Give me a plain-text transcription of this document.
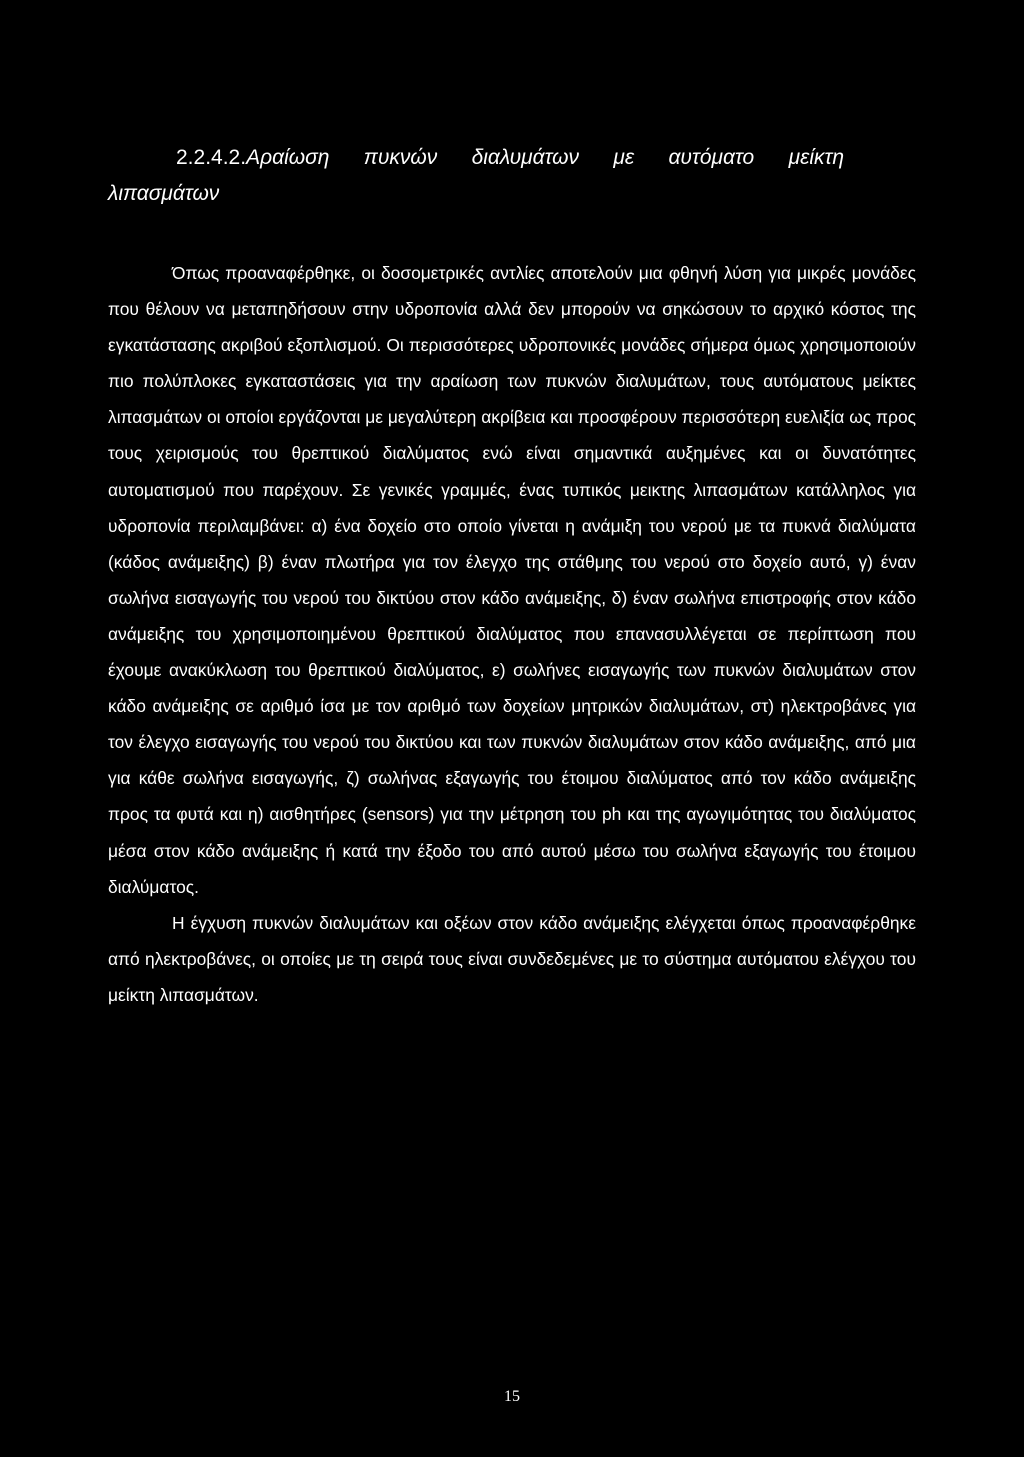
2.2.4.2.Αραίωση πυκνών διαλυμάτων με αυτόματο μείκτη
λιπασμάτων

Όπως προαναφέρθηκε, οι δοσομετρικές αντλίες αποτελούν μια φθηνή λύση για μικρές μονάδες που θέλουν να μεταπηδήσουν στην υδροπονία αλλά δεν μπορούν να σηκώσουν το αρχικό κόστος της εγκατάστασης ακριβού εξοπλισμού. Οι περισσότερες υδροπονικές μονάδες σήμερα όμως χρησιμοποιούν πιο πολύπλοκες εγκαταστάσεις για την αραίωση των πυκνών διαλυμάτων, τους αυτόματους μείκτες λιπασμάτων οι οποίοι εργάζονται με μεγαλύτερη ακρίβεια και προσφέρουν περισσότερη ευελιξία ως προς τους χειρισμούς του θρεπτικού διαλύματος ενώ είναι σημαντικά αυξημένες και οι δυνατότητες αυτοματισμού που παρέχουν. Σε γενικές γραμμές, ένας τυπικός μεικτης λιπασμάτων κατάλληλος για υδροπονία περιλαμβάνει: α) ένα δοχείο στο οποίο γίνεται η ανάμιξη του νερού με τα πυκνά διαλύματα (κάδος ανάμειξης) β) έναν πλωτήρα για τον έλεγχο της στάθμης του νερού στο δοχείο αυτό, γ) έναν σωλήνα εισαγωγής του νερού του δικτύου στον κάδο ανάμειξης, δ) έναν σωλήνα επιστροφής στον κάδο ανάμειξης του χρησιμοποιημένου θρεπτικού διαλύματος που επανασυλλέγεται σε περίπτωση που έχουμε ανακύκλωση του θρεπτικού διαλύματος, ε) σωλήνες εισαγωγής των πυκνών διαλυμάτων στον κάδο ανάμειξης σε αριθμό ίσα με τον αριθμό των δοχείων μητρικών διαλυμάτων, στ) ηλεκτροβάνες για τον έλεγχο εισαγωγής του νερού του δικτύου και των πυκνών διαλυμάτων στον κάδο ανάμειξης, από μια για κάθε σωλήνα εισαγωγής, ζ) σωλήνας εξαγωγής του έτοιμου διαλύματος από τον κάδο ανάμειξης προς τα φυτά και η) αισθητήρες (sensors) για την μέτρηση του ph και της αγωγιμότητας του διαλύματος μέσα στον κάδο ανάμειξης ή κατά την έξοδο του από αυτού μέσω του σωλήνα εξαγωγής του έτοιμου διαλύματος.

Η έγχυση πυκνών διαλυμάτων και οξέων στον κάδο ανάμειξης ελέγχεται όπως προαναφέρθηκε από ηλεκτροβάνες, οι οποίες με τη σειρά τους είναι συνδεδεμένες με το σύστημα αυτόματου ελέγχου του μείκτη λιπασμάτων.

15
